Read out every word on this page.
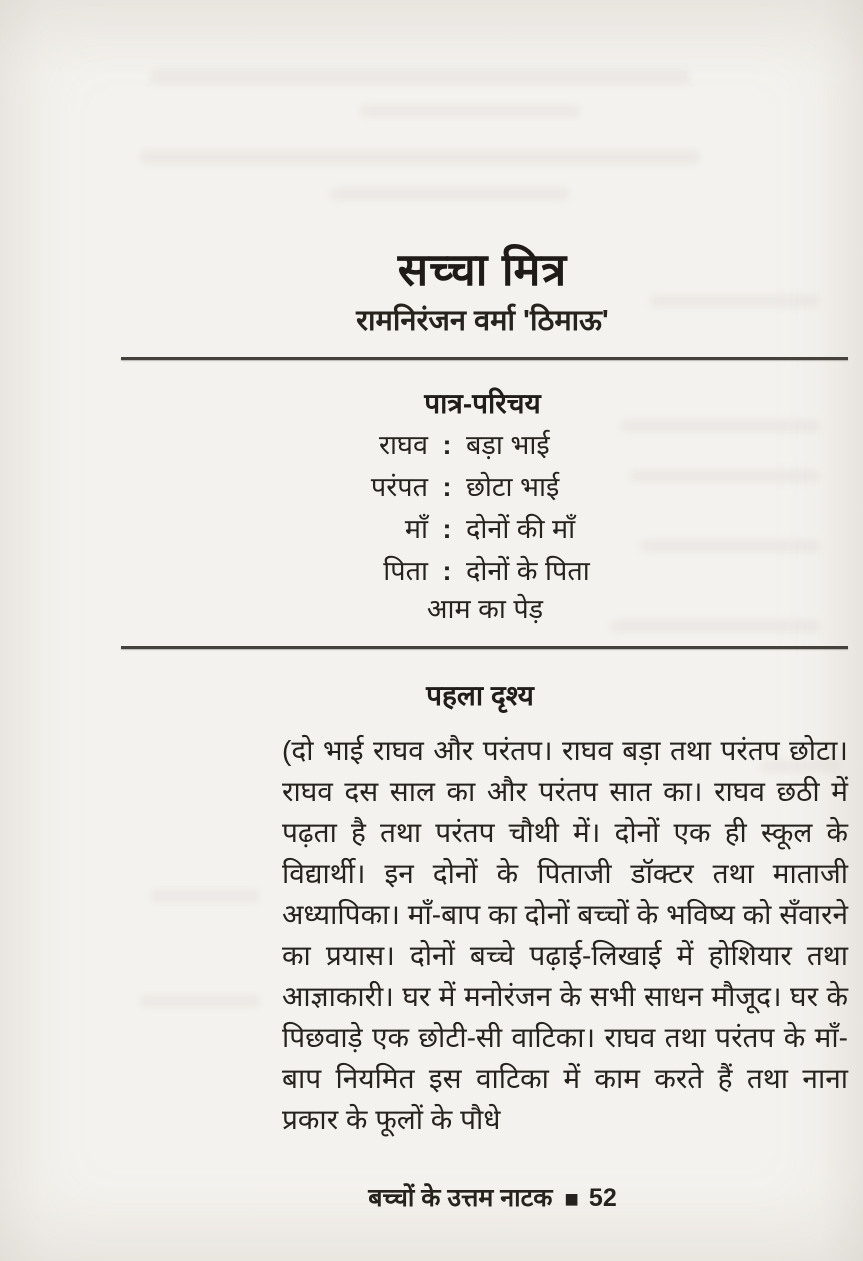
सच्चा मित्र
रामनिरंजन वर्मा 'ठिमाऊ'
पात्र-परिचय
राघव : बड़ा भाई
परंपत : छोटा भाई
माँ : दोनों की माँ
पिता : दोनों के पिता
आम का पेड़
पहला दृश्य
(दो भाई राघव और परंतप। राघव बड़ा तथा परंतप छोटा। राघव दस साल का और परंतप सात का। राघव छठी में पढ़ता है तथा परंतप चौथी में। दोनों एक ही स्कूल के विद्यार्थी। इन दोनों के पिताजी डॉक्टर तथा माताजी अध्यापिका। माँ-बाप का दोनों बच्चों के भविष्य को सँवारने का प्रयास। दोनों बच्चे पढ़ाई-लिखाई में होशियार तथा आज्ञाकारी। घर में मनोरंजन के सभी साधन मौजूद। घर के पिछवाड़े एक छोटी-सी वाटिका। राघव तथा परंतप के माँ-बाप नियमित इस वाटिका में काम करते हैं तथा नाना प्रकार के फूलों के पौधे
बच्चों के उत्तम नाटक ■ 52
